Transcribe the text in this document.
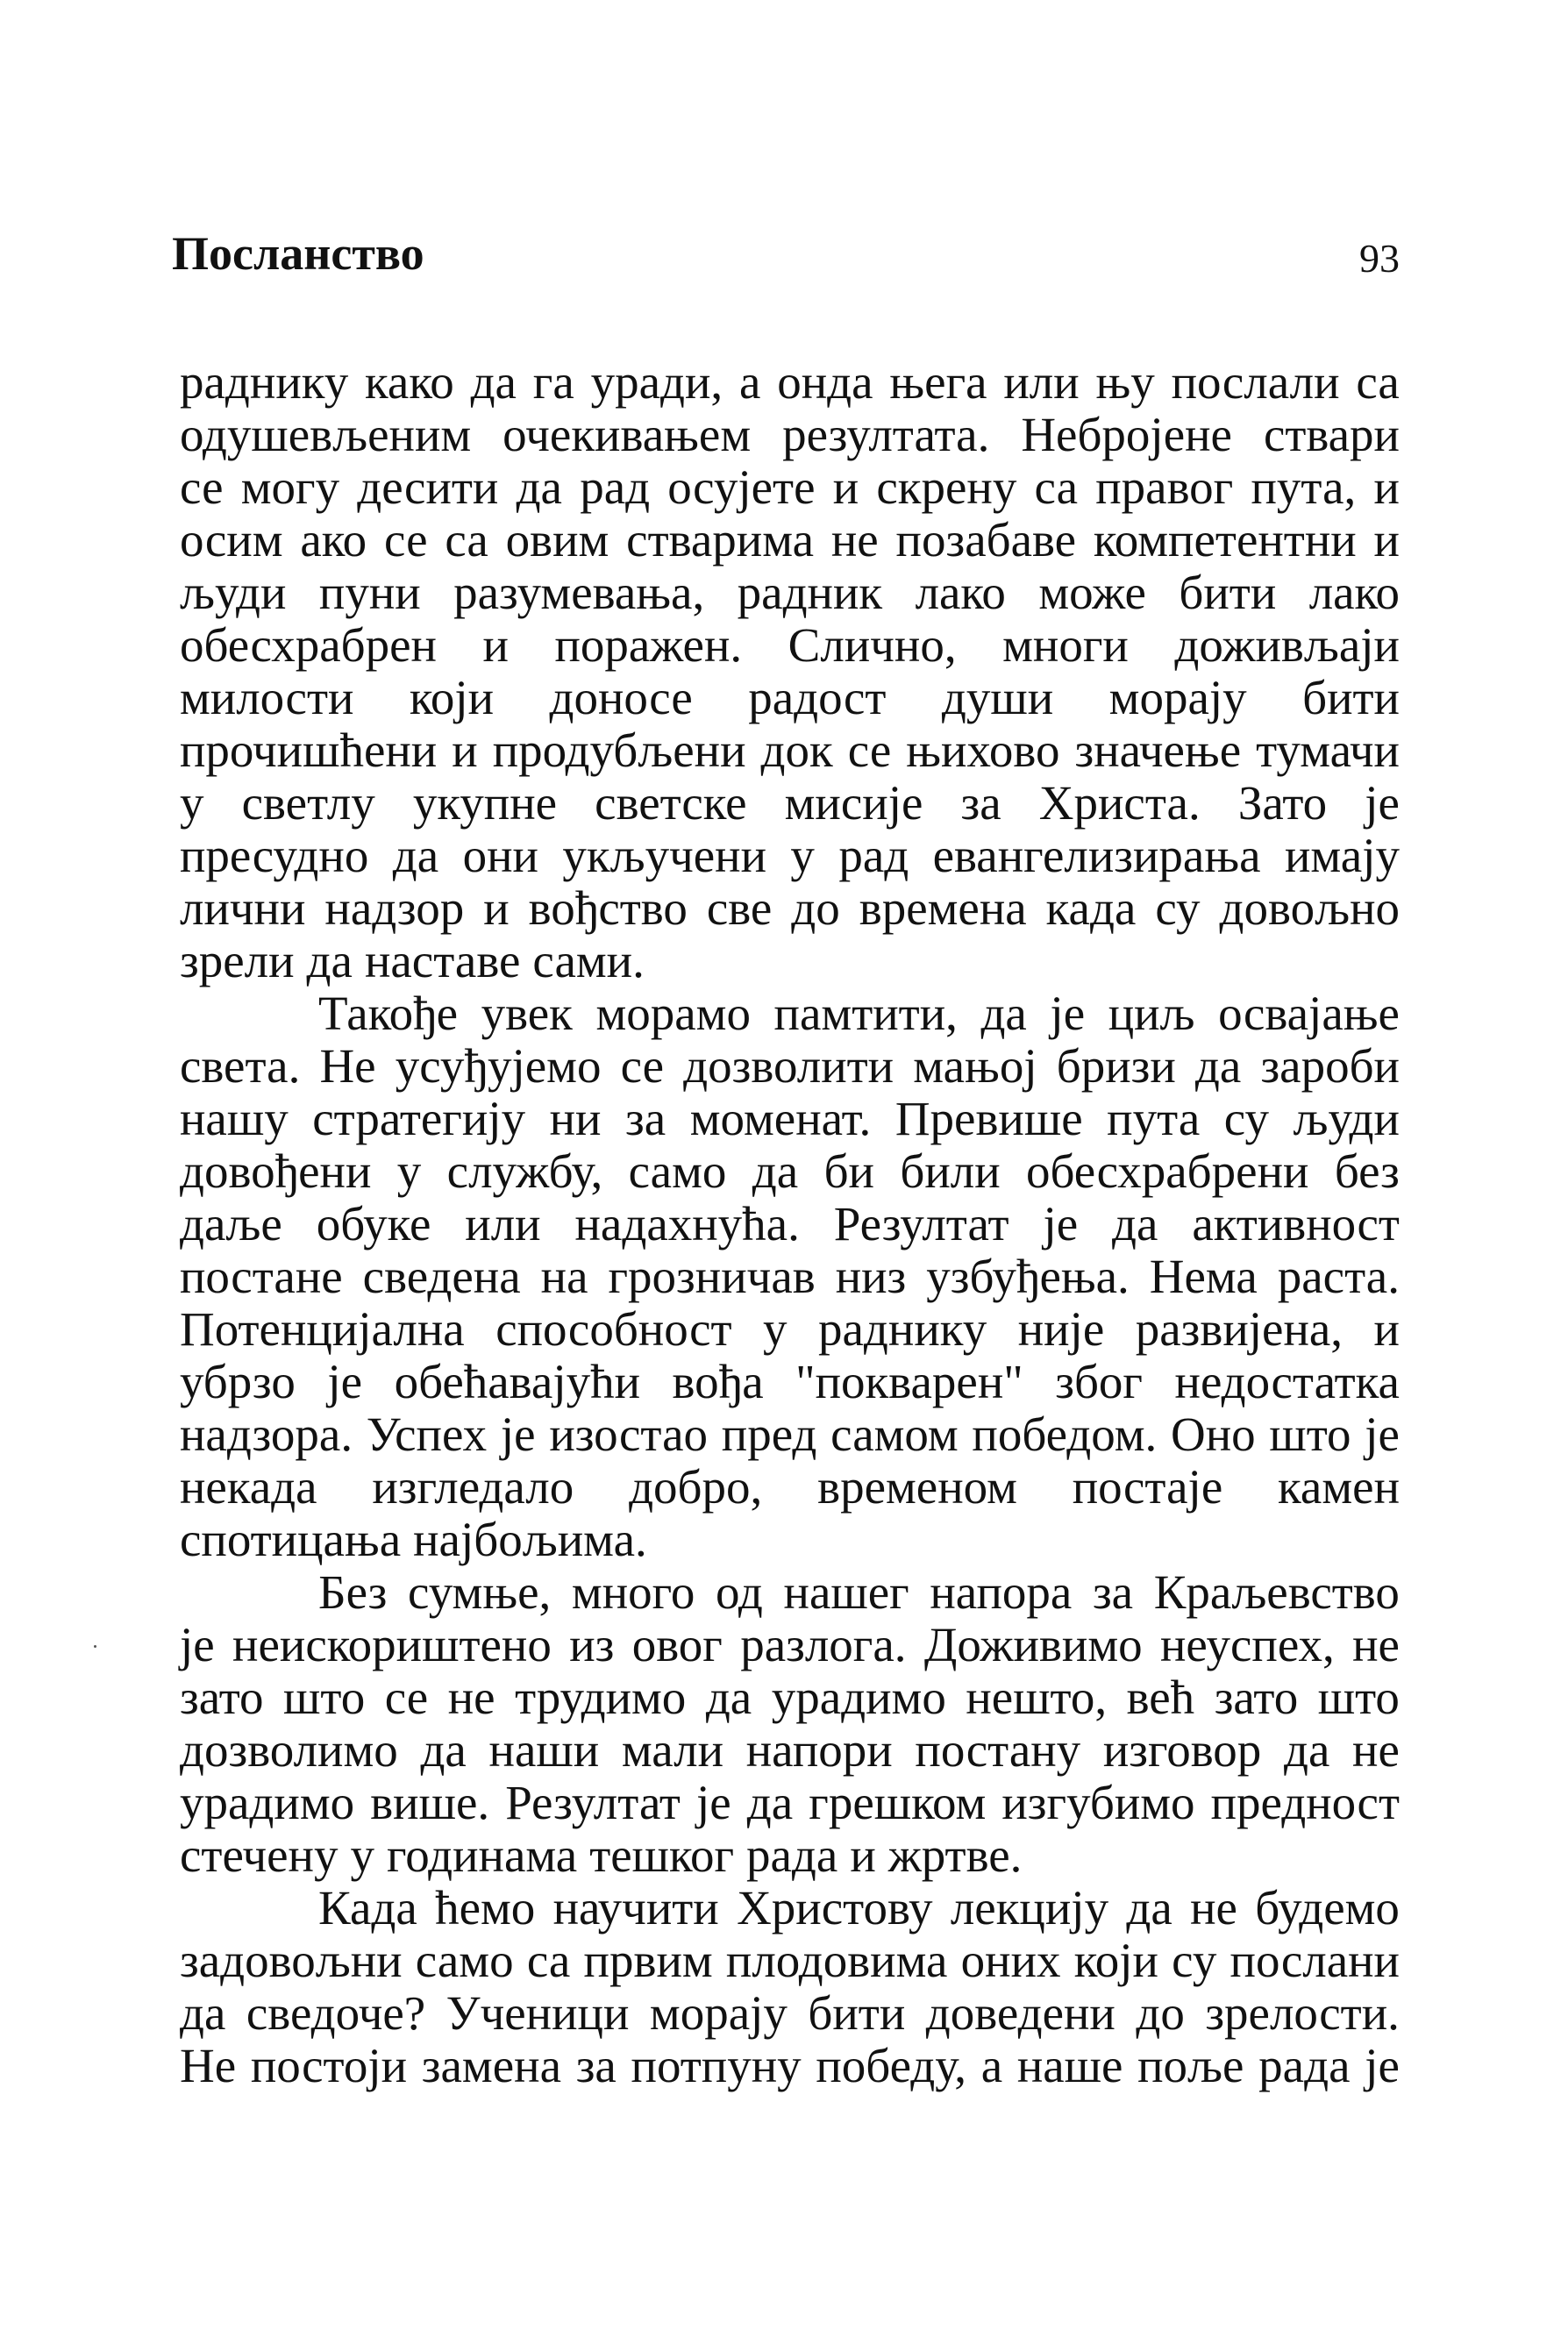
Посланство	93
раднику како да га уради, а онда њега или њу послали са
одушевљеним очекивањем резултата. Небројене ствари
се могу десити да рад осујете и скрену са правог пута, и
осим ако се са овим стварима не позабаве компетентни и
људи пуни разумевања, радник лако може бити лако
обесхрабрен и поражен. Слично, многи доживљаји
милости који доносе радост души морају бити
прочишћени и продубљени док се њихово значење тумачи
у светлу укупне светске мисије за Христа. Зато је
пресудно да они укључени у рад евангелизирања имају
лични надзор и вођство све до времена када су довољно
зрели да наставе сами.
Такође увек морамо памтити, да је циљ освајање
света. Не усуђујемо се дозволити мањој бризи да зароби
нашу стратегију ни за моменат. Превише пута су људи
довођени у службу, само да би били обесхрабрени без
даље обуке или надахнућа. Резултат је да активност
постане сведена на грозничав низ узбуђења. Нема раста.
Потенцијална способност у раднику није развијена, и
убрзо је обећавајући вођа "покварен" због недостатка
надзора. Успех је изостао пред самом победом. Оно што је
некада изгледало добро, временом постаје камен
спотицања најбољима.
Без сумње, много од нашег напора за Краљевство
је неискориштено из овог разлога. Доживимо неуспех, не
зато што се не трудимо да урадимо нешто, већ зато што
дозволимо да наши мали напори постану изговор да не
урадимо више. Резултат је да грешком изгубимо предност
стечену у годинама тешког рада и жртве.
Када ћемо научити Христову лекцију да не будемо
задовољни само са првим плодовима оних који су послани
да сведоче? Ученици морају бити доведени до зрелости.
Не постоји замена за потпуну победу, а наше поље рада је
